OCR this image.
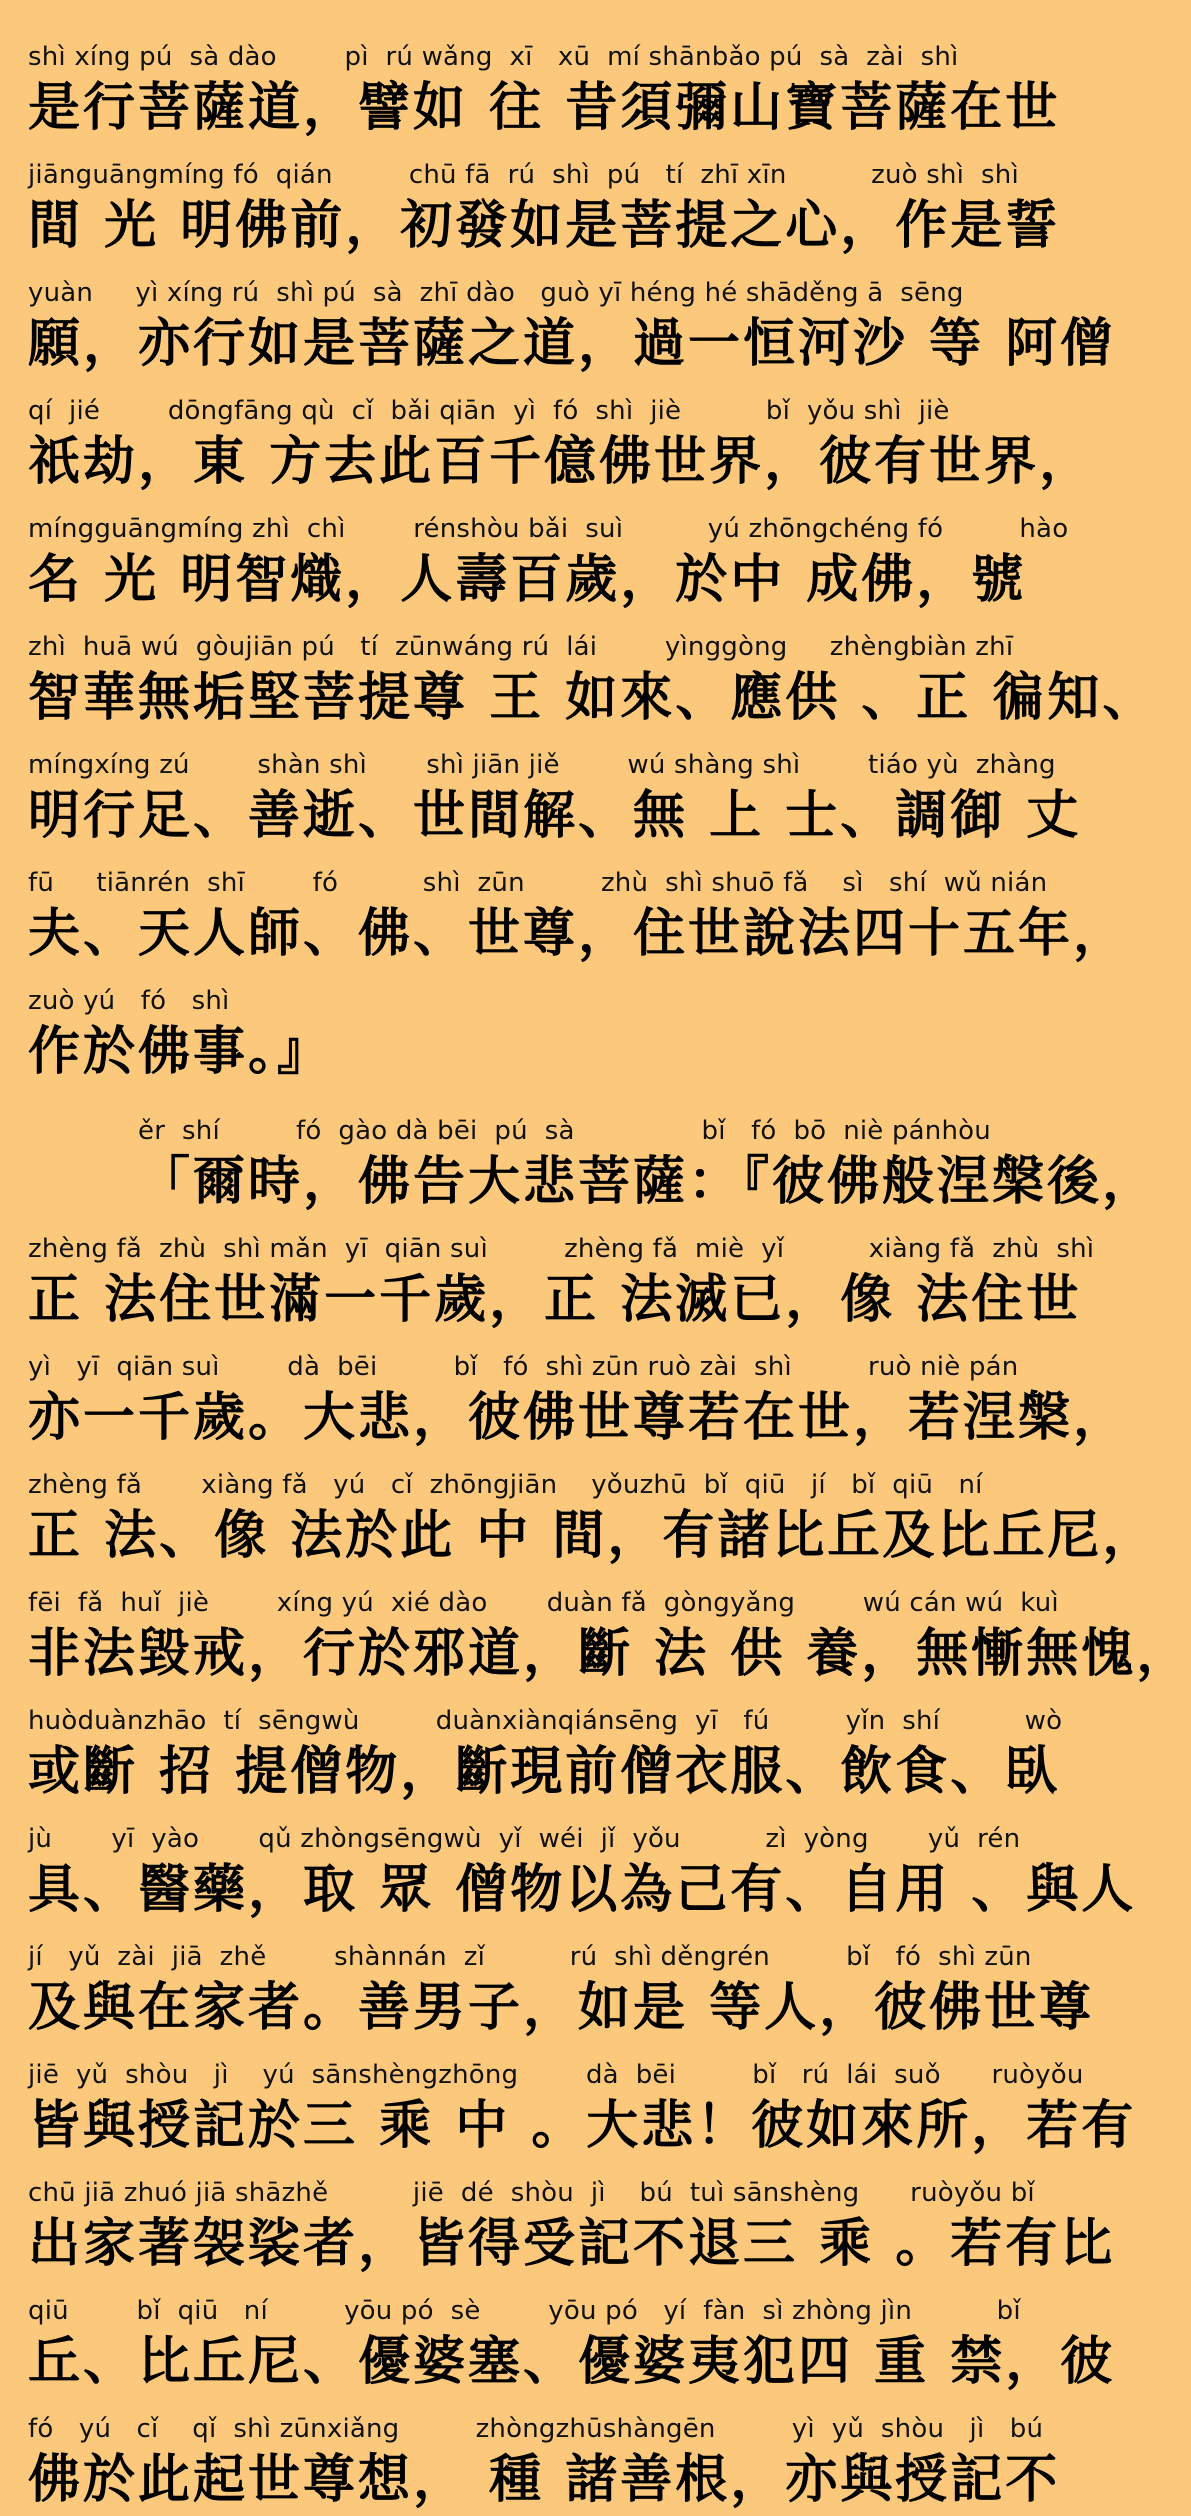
shì xíng pú  sà dào        pì  rú wǎng  xī   xū  mí shānbǎo pú  sà  zài  shì
是行菩薩道，譬如 往 昔須彌山寶菩薩在世
jiānguāngmíng fó  qián         chū fā  rú  shì  pú   tí  zhī xīn          zuò shì  shì
間 光 明佛前，初發如是菩提之心，作是誓
yuàn     yì xíng rú  shì pú  sà  zhī dào   guò yī héng hé shāděng ā  sēng
願，亦行如是菩薩之道，過一恒河沙 等 阿僧
qí  jié        dōngfāng qù  cǐ  bǎi qiān  yì  fó  shì  jiè          bǐ  yǒu shì  jiè
祇劫，東 方去此百千億佛世界，彼有世界，
míngguāngmíng zhì  chì        rénshòu bǎi  suì          yú zhōngchéng fó         hào
名 光 明智熾，人壽百歲，於中 成佛，號
zhì  huā wú  gòujiān pú   tí  zūnwáng rú  lái        yìnggòng     zhèngbiàn zhī
智華無垢堅菩提尊 王 如來、應供 、正 徧知、
míngxíng zú        shàn shì       shì jiān jiě        wú shàng shì        tiáo yù  zhàng
明行足、善逝、世間解、無 上 士、調御 丈
fū     tiānrén  shī        fó          shì  zūn         zhù  shì shuō fǎ    sì   shí  wǔ nián
夫、天人師、佛、世尊，住世說法四十五年，
zuò yú   fó   shì
作於佛事。』
ěr  shí         fó  gào dà bēi  pú  sà               bǐ   fó  bō  niè pánhòu
「爾時，佛告大悲菩薩：『彼佛般涅槃後，
zhèng fǎ  zhù  shì mǎn  yī  qiān suì         zhèng fǎ  miè  yǐ          xiàng fǎ  zhù  shì
正 法住世滿一千歲，正 法滅已，像 法住世
yì   yī  qiān suì        dà  bēi         bǐ   fó  shì zūn ruò zài  shì         ruò niè pán
亦一千歲。大悲，彼佛世尊若在世，若涅槃，
zhèng fǎ       xiàng fǎ   yú   cǐ  zhōngjiān    yǒuzhū  bǐ  qiū   jí   bǐ  qiū   ní
正 法、像 法於此 中 間，有諸比丘及比丘尼，
fēi  fǎ  huǐ  jiè        xíng yú  xié dào       duàn fǎ  gòngyǎng        wú cán wú  kuì
非法毀戒，行於邪道，斷 法 供 養，無慚無愧，
huòduànzhāo  tí  sēngwù         duànxiànqiánsēng  yī   fú         yǐn  shí          wò
或斷 招 提僧物，斷現前僧衣服、飲食、臥
jù       yī  yào       qǔ zhòngsēngwù  yǐ  wéi  jǐ  yǒu          zì  yòng       yǔ  rén
具、醫藥，取 眾 僧物以為己有、自用 、與人
jí   yǔ  zài  jiā  zhě        shànnán  zǐ          rú  shì děngrén         bǐ   fó  shì zūn
及與在家者。善男子，如是 等人，彼佛世尊
jiē  yǔ  shòu   jì    yú  sānshèngzhōng        dà  bēi         bǐ   rú  lái  suǒ      ruòyǒu
皆與授記於三 乘 中 。大悲！彼如來所，若有
chū jiā zhuó jiā shāzhě          jiē  dé  shòu  jì    bú  tuì sānshèng      ruòyǒu bǐ
出家著袈裟者，皆得受記不退三 乘 。若有比
qiū        bǐ  qiū   ní         yōu pó  sè        yōu pó   yí  fàn  sì zhòng jìn          bǐ
丘、比丘尼、優婆塞、優婆夷犯四 重 禁，彼
fó   yú   cǐ    qǐ  shì zūnxiǎng         zhòngzhūshàngēn         yì  yǔ  shòu   jì   bú
佛於此起世尊想， 種 諸善根，亦與授記不
